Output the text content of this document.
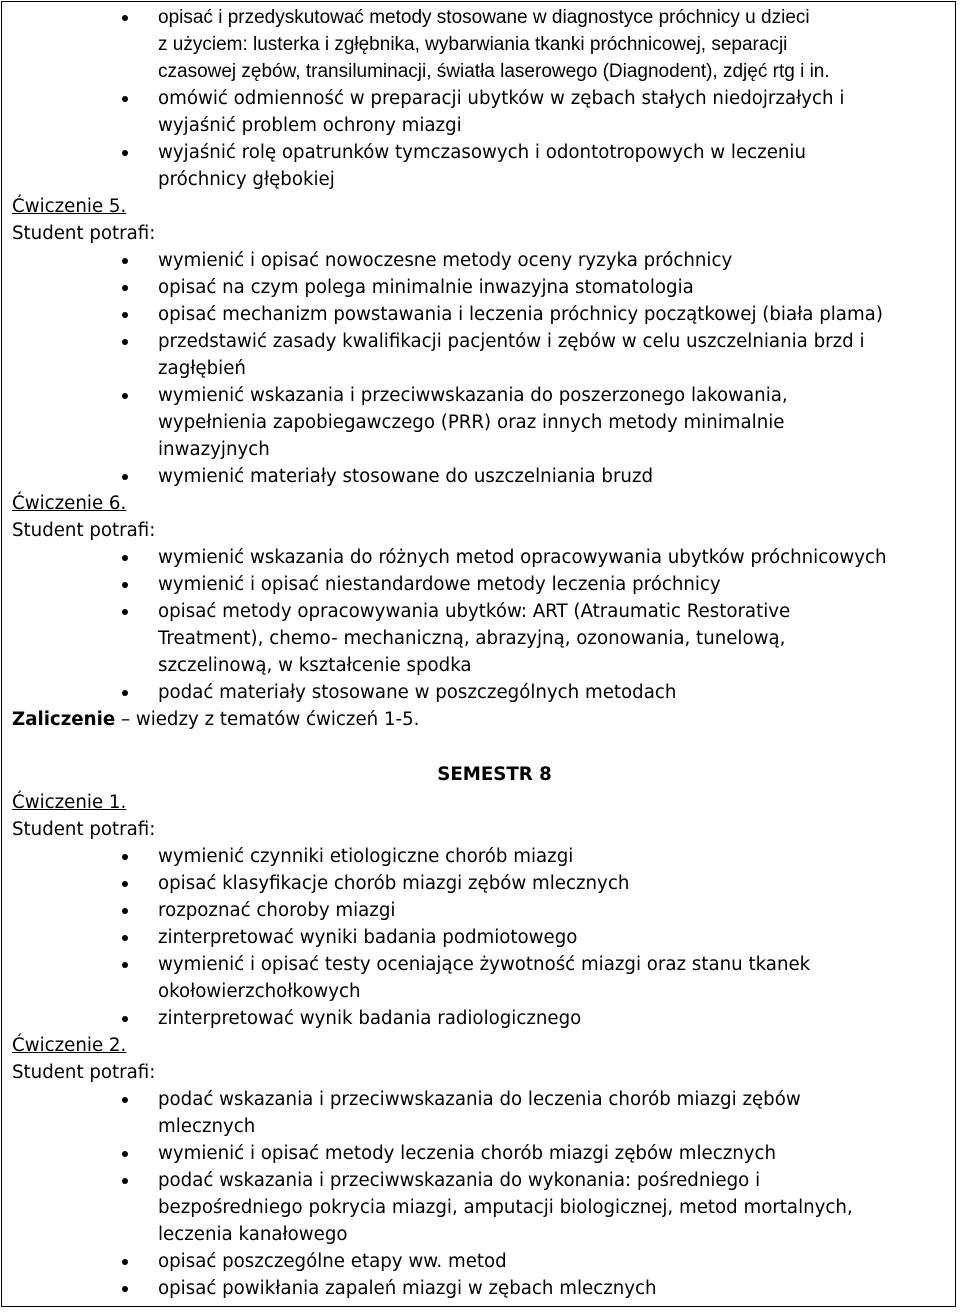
opisać i przedyskutować metody stosowane w diagnostyce próchnicy u dzieci
z użyciem: lusterka i zgłębnika, wybarwiania tkanki próchnicowej, separacji
czasowej zębów, transiluminacji, światła laserowego (Diagnodent), zdjęć rtg i in.
omówić odmienność w preparacji ubytków w zębach stałych niedojrzałych i
wyjaśnić problem ochrony miazgi
wyjaśnić rolę opatrunków tymczasowych i odontotropowych w leczeniu
próchnicy głębokiej
Ćwiczenie 5.
Student potrafi:
wymienić i opisać nowoczesne metody oceny ryzyka próchnicy
opisać na czym polega minimalnie inwazyjna stomatologia
opisać mechanizm powstawania i leczenia próchnicy początkowej (biała plama)
przedstawić zasady kwalifikacji pacjentów i zębów w celu uszczelniania brzd i
zagłębień
wymienić wskazania i przeciwwskazania do poszerzonego lakowania,
wypełnienia zapobiegawczego (PRR) oraz innych metody minimalnie
inwazyjnych
wymienić materiały stosowane do uszczelniania bruzd
Ćwiczenie 6.
Student potrafi:
wymienić wskazania do różnych metod opracowywania ubytków próchnicowych
wymienić i opisać niestandardowe metody leczenia próchnicy
opisać metody opracowywania ubytków: ART (Atraumatic Restorative
Treatment), chemo- mechaniczną, abrazyjną, ozonowania, tunelową,
szczelinową, w kształcenie spodka
podać materiały stosowane w poszczególnych metodach
Zaliczenie – wiedzy z tematów ćwiczeń 1-5.
SEMESTR 8
Ćwiczenie 1.
Student potrafi:
wymienić czynniki etiologiczne chorób miazgi
opisać klasyfikacje chorób miazgi zębów mlecznych
rozpoznać choroby miazgi
zinterpretować wyniki badania podmiotowego
wymienić i opisać testy oceniające żywotność miazgi oraz stanu tkanek
okołowierzchołkowych
zinterpretować wynik badania radiologicznego
Ćwiczenie 2.
Student potrafi:
podać wskazania i przeciwwskazania do leczenia chorób miazgi zębów
mlecznych
wymienić i opisać metody leczenia chorób miazgi zębów mlecznych
podać wskazania i przeciwwskazania do wykonania: pośredniego i
bezpośredniego pokrycia miazgi, amputacji biologicznej, metod mortalnych,
leczenia kanałowego
opisać poszczególne etapy ww. metod
opisać powikłania zapaleń miazgi w zębach mlecznych
